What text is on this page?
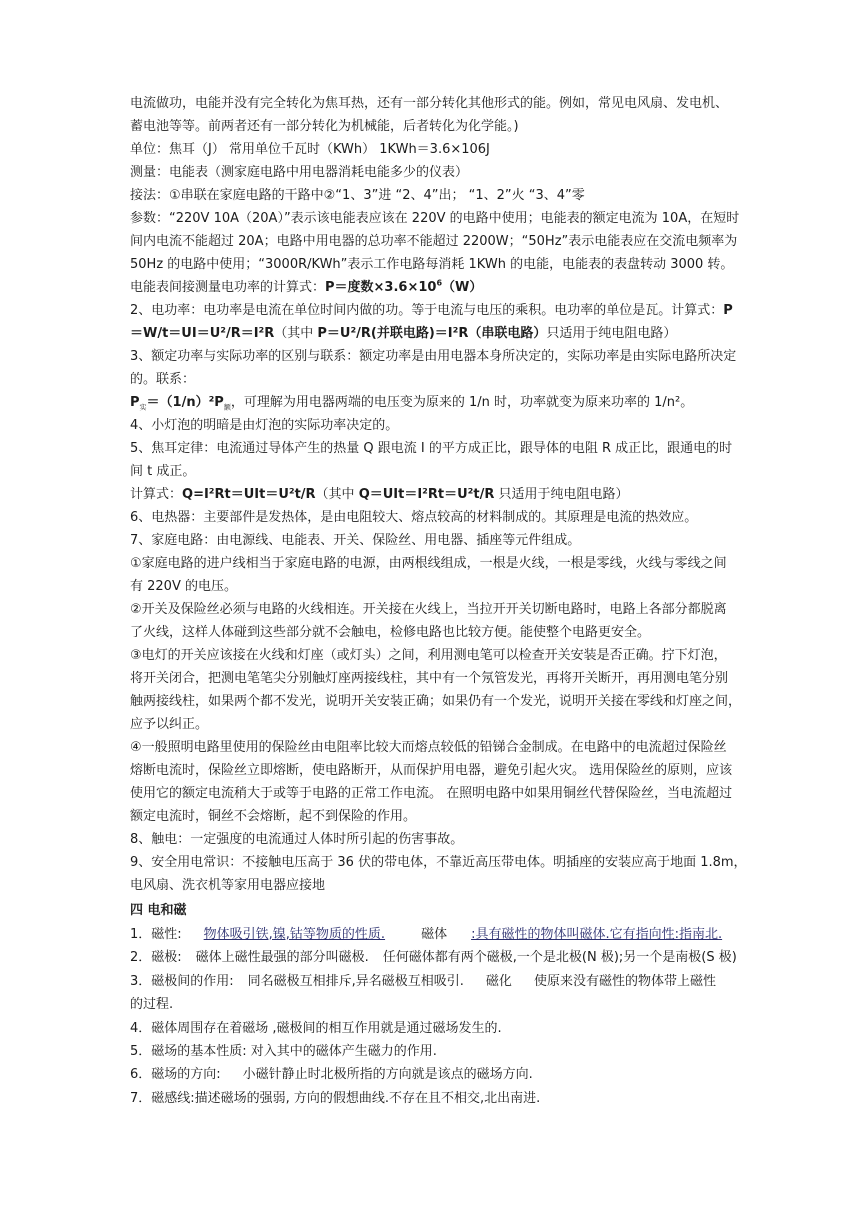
电流做功，电能并没有完全转化为焦耳热，还有一部分转化其他形式的能。例如，常见电风扇、发电机、
蓄电池等等。前两者还有一部分转化为机械能，后者转化为化学能。)
单位：焦耳（J） 常用单位千瓦时（KWh） 1KWh＝3.6×106J
测量：电能表（测家庭电路中用电器消耗电能多少的仪表）
接法：①串联在家庭电路的干路中②“1、3”进 “2、4”出； “1、2”火 “3、4”零
参数：“220V 10A（20A）”表示该电能表应该在 220V 的电路中使用；电能表的额定电流为 10A，在短时
间内电流不能超过 20A；电路中用电器的总功率不能超过 2200W；“50Hz”表示电能表应在交流电频率为
50Hz 的电路中使用；“3000R/KWh”表示工作电路每消耗 1KWh 的电能，电能表的表盘转动 3000 转。
电能表间接测量电功率的计算式：P＝度数$\times 3.6\times 10^6(W)$
2、电功率：电功率是电流在单位时间内做的功。等于电流与电压的乘积。电功率的单位是瓦。计算式：P
＝W/t＝UI＝U²/R＝I²R（其中 P＝U²/R(并联电路)＝I²R（串联电路）只适用于纯电阻电路）
3、额定功率与实际功率的区别与联系：额定功率是由用电器本身所决定的，实际功率是由实际电路所决定
的。联系：
$P_实=(1/n)^2P_额$，可理解为用电器两端的电压变为原来的 1/n 时，功率就变为原来功率的 1/n²。
4、小灯泡的明暗是由灯泡的实际功率决定的。
5、焦耳定律：电流通过导体产生的热量 Q 跟电流 I 的平方成正比，跟导体的电阻 R 成正比，跟通电的时
间 t 成正。
计算式：Q=I²Rt＝UIt＝U²t/R（其中 Q＝UIt＝I²Rt＝U²t/R 只适用于纯电阻电路）
6、电热器：主要部件是发热体，是由电阻较大、熔点较高的材料制成的。其原理是电流的热效应。
7、家庭电路：由电源线、电能表、开关、保险丝、用电器、插座等元件组成。
①家庭电路的进户线相当于家庭电路的电源，由两根线组成，一根是火线，一根是零线，火线与零线之间
有 220V 的电压。
②开关及保险丝必须与电路的火线相连。开关接在火线上，当拉开开关切断电路时，电路上各部分都脱离
了火线，这样人体碰到这些部分就不会触电，检修电路也比较方便。能使整个电路更安全。
③电灯的开关应该接在火线和灯座（或灯头）之间，利用测电笔可以检查开关安装是否正确。拧下灯泡，
将开关闭合，把测电笔笔尖分别触灯座两接线柱，其中有一个氖管发光，再将开关断开，再用测电笔分别
触两接线柱，如果两个都不发光，说明开关安装正确；如果仍有一个发光，说明开关接在零线和灯座之间，
应予以纠正。
④一般照明电路里使用的保险丝由电阻率比较大而熔点较低的铅锑合金制成。在电路中的电流超过保险丝
熔断电流时，保险丝立即熔断，使电路断开，从而保护用电器，避免引起火灾。 选用保险丝的原则，应该
使用它的额定电流稍大于或等于电路的正常工作电流。 在照明电路中如果用铜丝代替保险丝，当电流超过
额定电流时，铜丝不会熔断，起不到保险的作用。
8、触电：一定强度的电流通过人体时所引起的伤害事故。
9、安全用电常识：不接触电压高于 36 伏的带电体，不靠近高压带电体。明插座的安装应高于地面 1.8m，
电风扇、洗衣机等家用电器应接地
四 电和磁
1．磁性: 物体吸引铁,镍,钴等物质的性质.	磁体 :具有磁性的物体叫磁体.它有指向性:指南北.
2．磁极: 磁体上磁性最强的部分叫磁极. 任何磁体都有两个磁极,一个是北极(N 极);另一个是南极(S 极)
3．磁极间的作用: 同名磁极互相排斥,异名磁极互相吸引. 磁化 使原来没有磁性的物体带上磁性
的过程.
4．磁体周围存在着磁场 ,磁极间的相互作用就是通过磁场发生的.
5．磁场的基本性质: 对入其中的磁体产生磁力的作用.
6．磁场的方向: 小磁针静止时北极所指的方向就是该点的磁场方向.
7．磁感线:描述磁场的强弱, 方向的假想曲线.不存在且不相交,北出南进.
